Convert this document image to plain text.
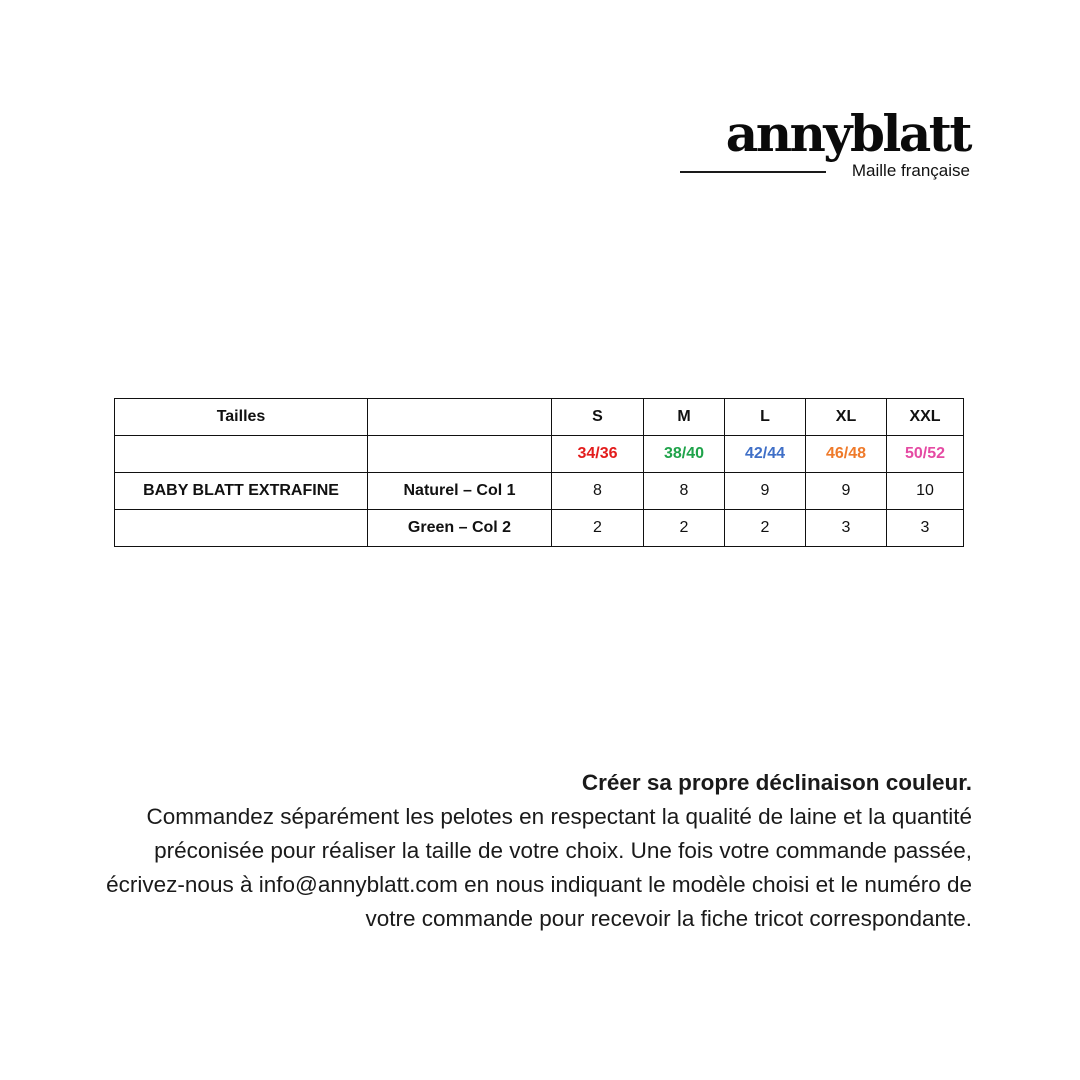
annyblatt
Maille française
Tailles		S	M	L	XL	XXL
		34/36	38/40	42/44	46/48	50/52
BABY BLATT EXTRAFINE	Naturel – Col 1	8	8	9	9	10
	Green – Col 2	2	2	2	3	3
Créer sa propre déclinaison couleur.
Commandez séparément les pelotes en respectant la qualité de laine et la quantité préconisée pour réaliser la taille de votre choix. Une fois votre commande passée, écrivez-nous à info@annyblatt.com en nous indiquant le modèle choisi et le numéro de votre commande pour recevoir la fiche tricot correspondante.
